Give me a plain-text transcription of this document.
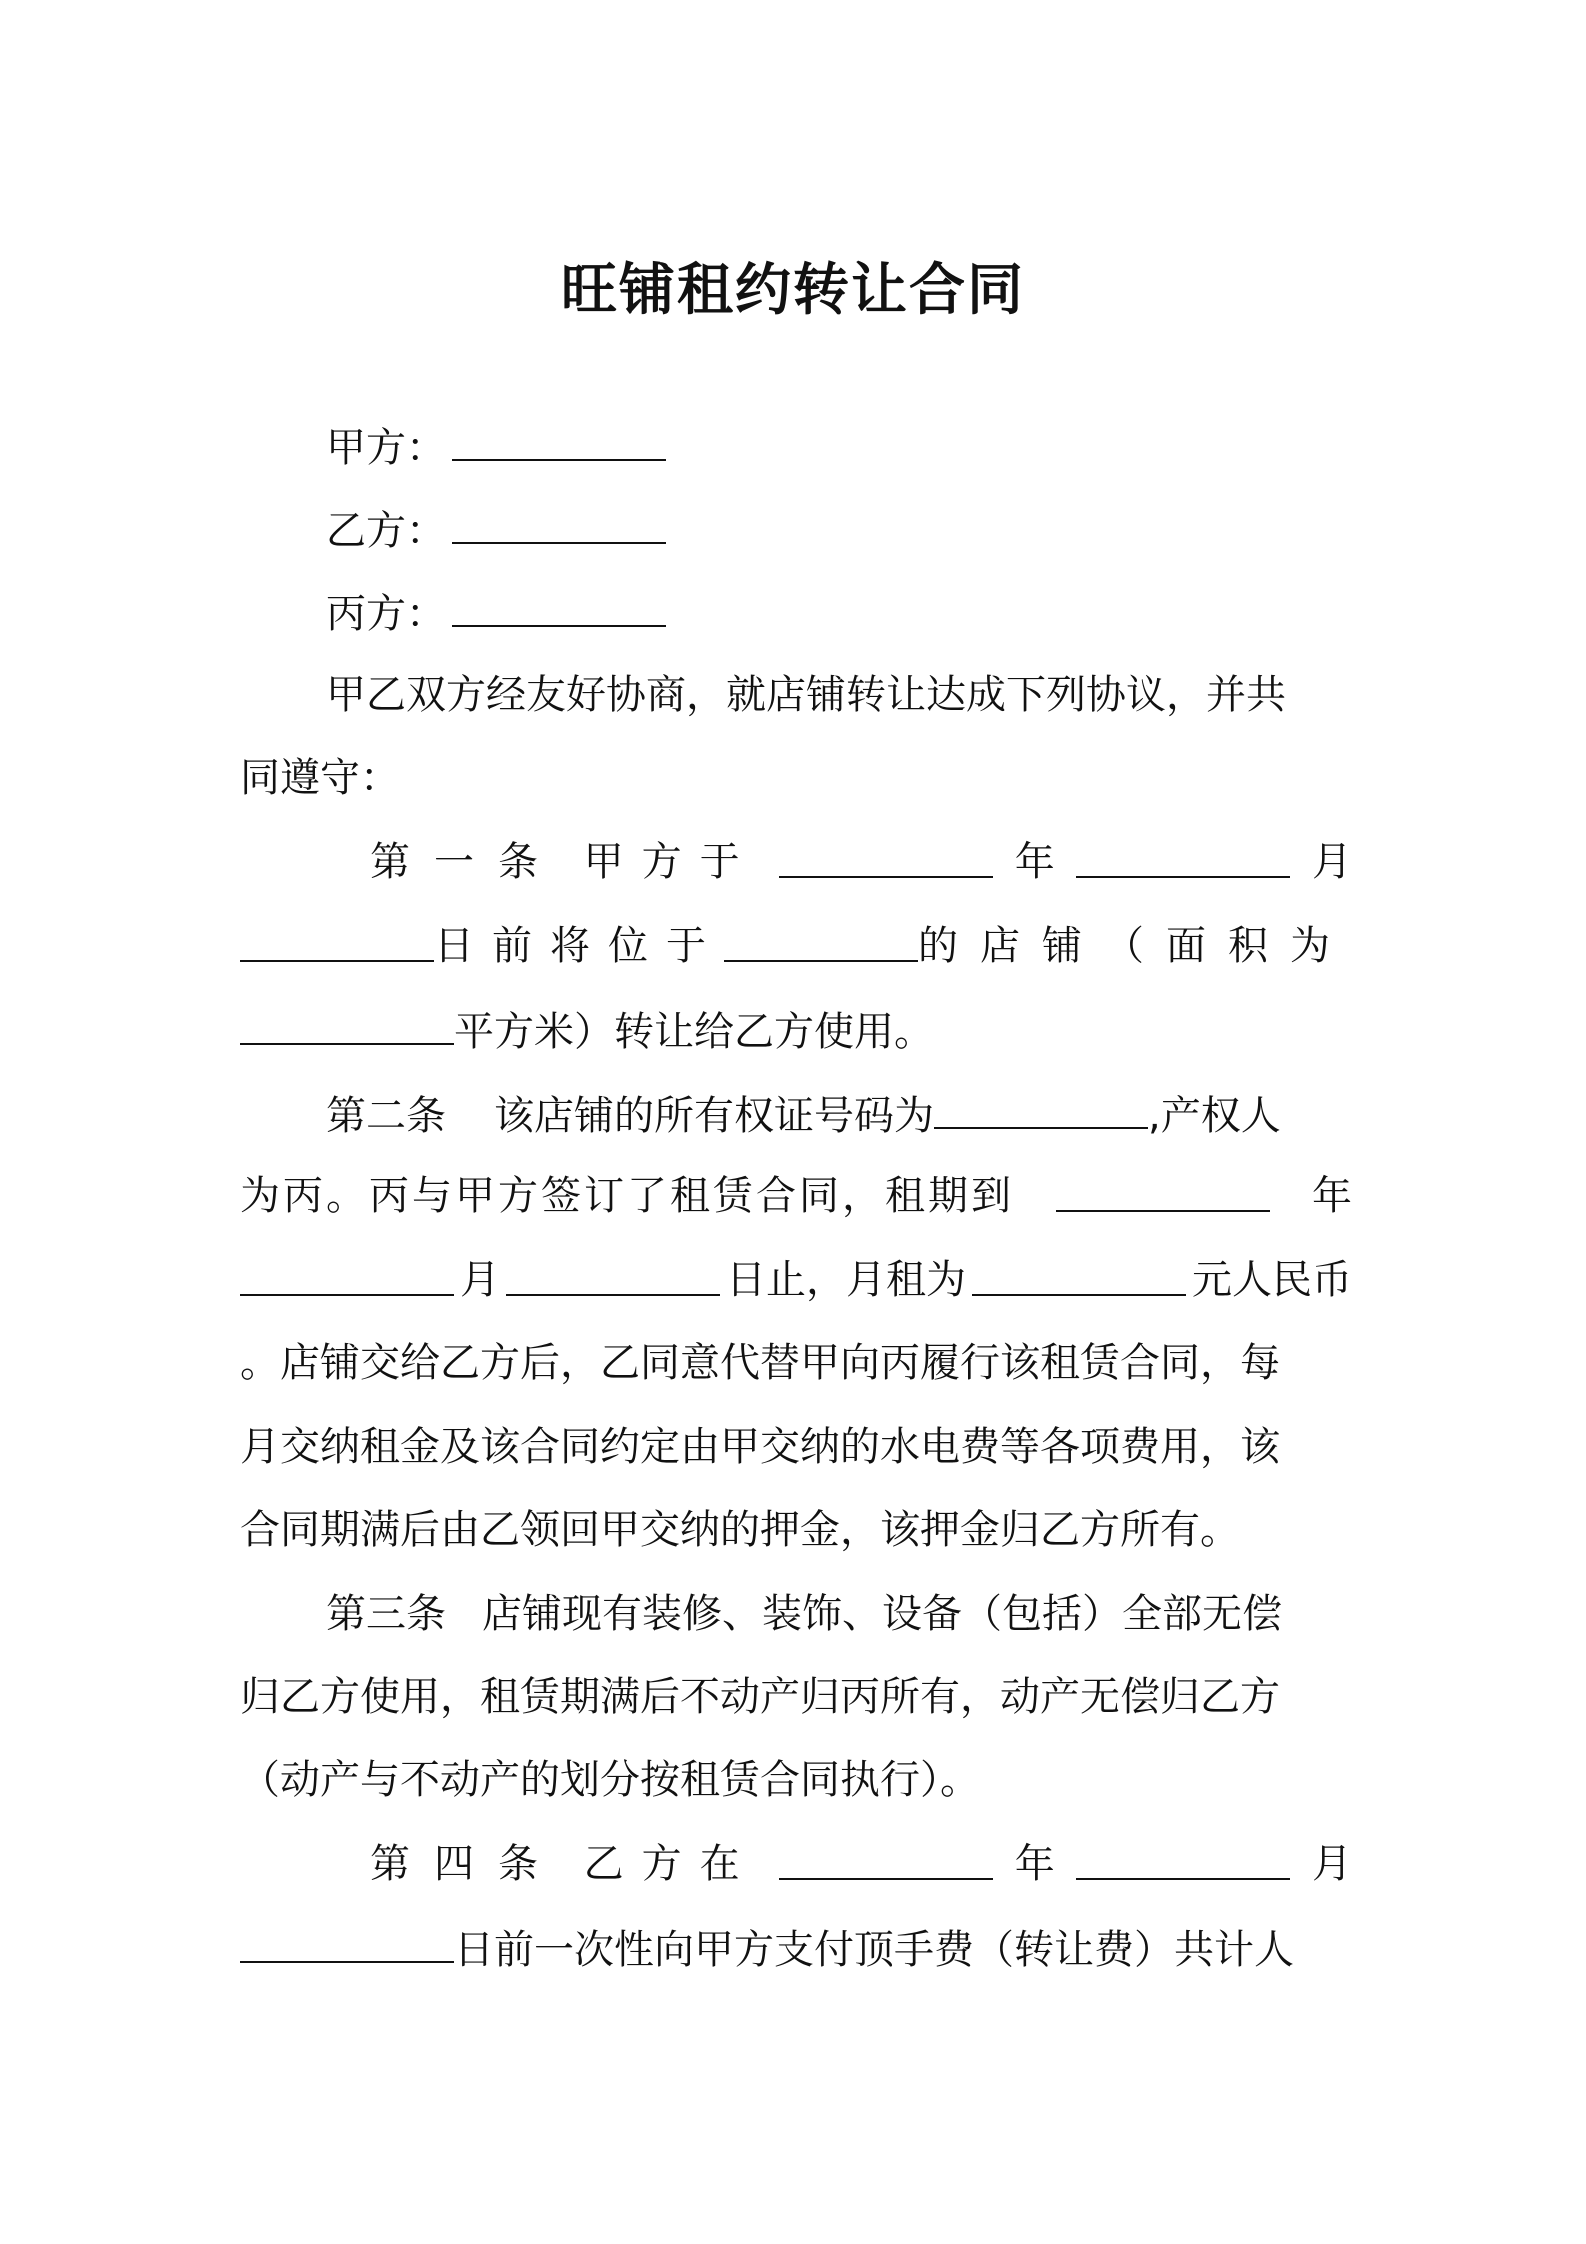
旺铺租约转让合同
甲方：
乙方：
丙方：
甲乙双方经友好协商，就店铺转让达成下列协议，并共
同遵守：
第一条 甲方于	年	月
日前将位于	的店铺（面积为
平方米）转让给乙方使用。
第二条 该店铺的所有权证号码为	,产权人
为丙。丙与甲方签订了租赁合同，租期到	年
月	日止，月租为	元人民币
。店铺交给乙方后，乙同意代替甲向丙履行该租赁合同，每
月交纳租金及该合同约定由甲交纳的水电费等各项费用，该
合同期满后由乙领回甲交纳的押金，该押金归乙方所有。
第三条 店铺现有装修、装饰、设备（包括）全部无偿
归乙方使用，租赁期满后不动产归丙所有，动产无偿归乙方
（动产与不动产的划分按租赁合同执行）。
第四条 乙方在	年	月
日前一次性向甲方支付顶手费（转让费）共计人
